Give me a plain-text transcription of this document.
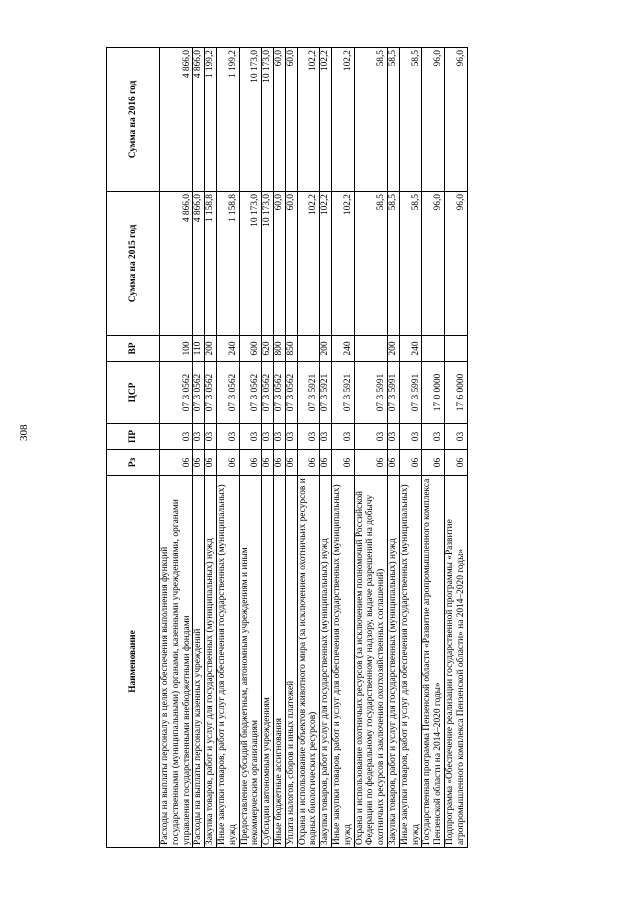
308
Наименование	Рз	ПР	ЦСР	ВР	Сумма на 2015 год	Сумма на 2016 год
Расходы на выплаты персоналу в целях обеспечения выполнения функций государственными (муниципальными) органами, казенными учреждениями, органами управления государственными внебюджетными фондами	06	03	07 3 0562	100	4 866,0	4 866,0
Расходы на выплаты персоналу казенных учреждений	06	03	07 3 0562	110	4 866,0	4 866,0
Закупка товаров, работ и услуг для государственных (муниципальных) нужд	06	03	07 3 0562	200	1 158,8	1 199,2
Иные закупки товаров, работ и услуг для обеспечения государственных (муниципальных) нужд	06	03	07 3 0562	240	1 158,8	1 199,2
Предоставление субсидий бюджетным, автономным учреждениям и иным некоммерческим организациям	06	03	07 3 0562	600	10 173,0	10 173,0
Субсидии автономным учреждениям	06	03	07 3 0562	620	10 173,0	10 173,0
Иные бюджетные ассигнования	06	03	07 3 0562	800	60,0	60,0
Уплата налогов, сборов и иных платежей	06	03	07 3 0562	850	60,0	60,0
Охрана и использование объектов животного мира (за исключением охотничьих ресурсов и водных биологических ресурсов)	06	03	07 3 5921		102,2	102,2
Закупка товаров, работ и услуг для государственных (муниципальных) нужд	06	03	07 3 5921	200	102,2	102,2
Иные закупки товаров, работ и услуг для обеспечения государственных (муниципальных) нужд	06	03	07 3 5921	240	102,2	102,2
Охрана и использование охотничьих ресурсов (за исключением полномочий Российской Федерации по федеральному государственному надзору, выдаче разрешений на добычу охотничьих ресурсов и заключению охотхозяйственных соглашений)	06	03	07 3 5991		58,5	58,5
Закупка товаров, работ и услуг для государственных (муниципальных) нужд	06	03	07 3 5991	200	58,5	58,5
Иные закупки товаров, работ и услуг для обеспечения государственных (муниципальных) нужд	06	03	07 3 5991	240	58,5	58,5
Государственная программа Пензенской области «Развитие агропромышленного комплекса Пензенской области на 2014–2020 годы»	06	03	17 0 0000		96,0	96,0
Подпрограмма «Обеспечение реализации государственной программы «Развитие агропромышленного комплекса Пензенской области» на 2014–2020 годы»	06	03	17 6 0000		96,0	96,0
